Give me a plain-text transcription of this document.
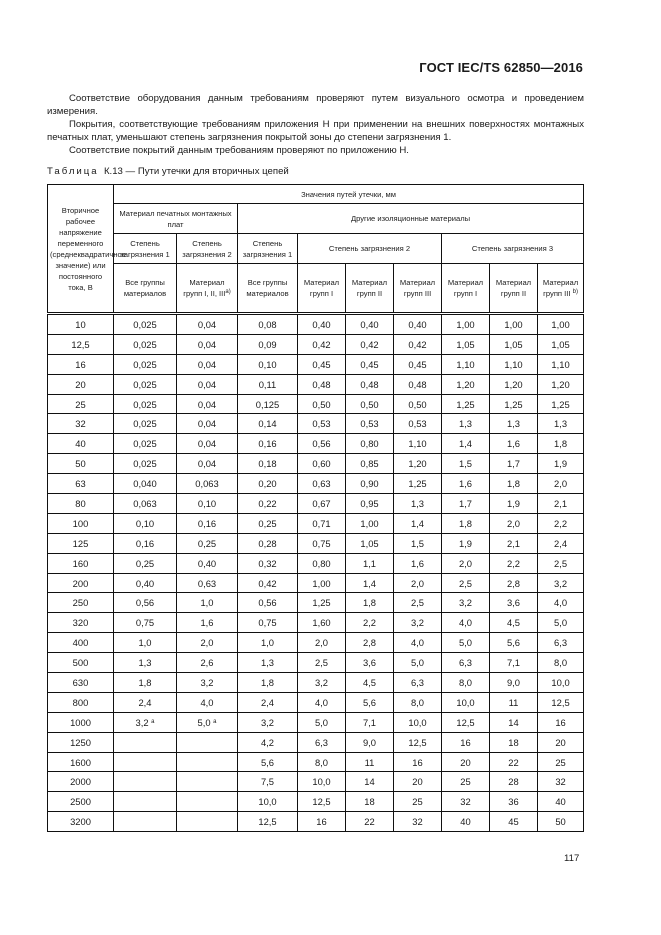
ГОСТ IEC/TS 62850—2016

Соответствие оборудования данным требованиям проверяют путем визуального осмотра и проведением измерения.

Покрытия, соответствующие требованиям приложения Н при применении на внешних поверхностях монтажных печатных плат, уменьшают степень загрязнения покрытой зоны до степени загрязнения 1.

Соответствие покрытий данным требованиям проверяют по приложению Н.

Таблица К.13 — Пути утечки для вторичных цепей
Вторичное рабочее напряжение переменного (среднеквадратичное значение) или постоянного тока, В	Значения путей утечки, мм								
	Материал печатных монтажных плат		Другие изоляционные материалы						
	Степень загрязнения 1	Степень загрязнения 2	Степень загрязнения 1	Степень загрязнения 2			Степень загрязнения 3		
	Все группы материалов	Материал групп I, II, III$^{a)}$	Все группы материалов	Материал групп I	Материал групп II	Материал групп III	Материал групп I	Материал групп II	Материал групп III $^{b)}$
10	0,025	0,04	0,08	0,40	0,40	0,40	1,00	1,00	1,00
12,5	0,025	0,04	0,09	0,42	0,42	0,42	1,05	1,05	1,05
16	0,025	0,04	0,10	0,45	0,45	0,45	1,10	1,10	1,10
20	0,025	0,04	0,11	0,48	0,48	0,48	1,20	1,20	1,20
25	0,025	0,04	0,125	0,50	0,50	0,50	1,25	1,25	1,25
32	0,025	0,04	0,14	0,53	0,53	0,53	1,3	1,3	1,3
40	0,025	0,04	0,16	0,56	0,80	1,10	1,4	1,6	1,8
50	0,025	0,04	0,18	0,60	0,85	1,20	1,5	1,7	1,9
63	0,040	0,063	0,20	0,63	0,90	1,25	1,6	1,8	2,0
80	0,063	0,10	0,22	0,67	0,95	1,3	1,7	1,9	2,1
100	0,10	0,16	0,25	0,71	1,00	1,4	1,8	2,0	2,2
125	0,16	0,25	0,28	0,75	1,05	1,5	1,9	2,1	2,4
160	0,25	0,40	0,32	0,80	1,1	1,6	2,0	2,2	2,5
200	0,40	0,63	0,42	1,00	1,4	2,0	2,5	2,8	3,2
250	0,56	1,0	0,56	1,25	1,8	2,5	3,2	3,6	4,0
320	0,75	1,6	0,75	1,60	2,2	3,2	4,0	4,5	5,0
400	1,0	2,0	1,0	2,0	2,8	4,0	5,0	5,6	6,3
500	1,3	2,6	1,3	2,5	3,6	5,0	6,3	7,1	8,0
630	1,8	3,2	1,8	3,2	4,5	6,3	8,0	9,0	10,0
800	2,4	4,0	2,4	4,0	5,6	8,0	10,0	11	12,5
1000	3,2 $^a$	5,0 $^a$	3,2	5,0	7,1	10,0	12,5	14	16
1250			4,2	6,3	9,0	12,5	16	18	20
1600			5,6	8,0	11	16	20	22	25
2000			7,5	10,0	14	20	25	28	32
2500			10,0	12,5	18	25	32	36	40
3200			12,5	16	22	32	40	45	50
117
